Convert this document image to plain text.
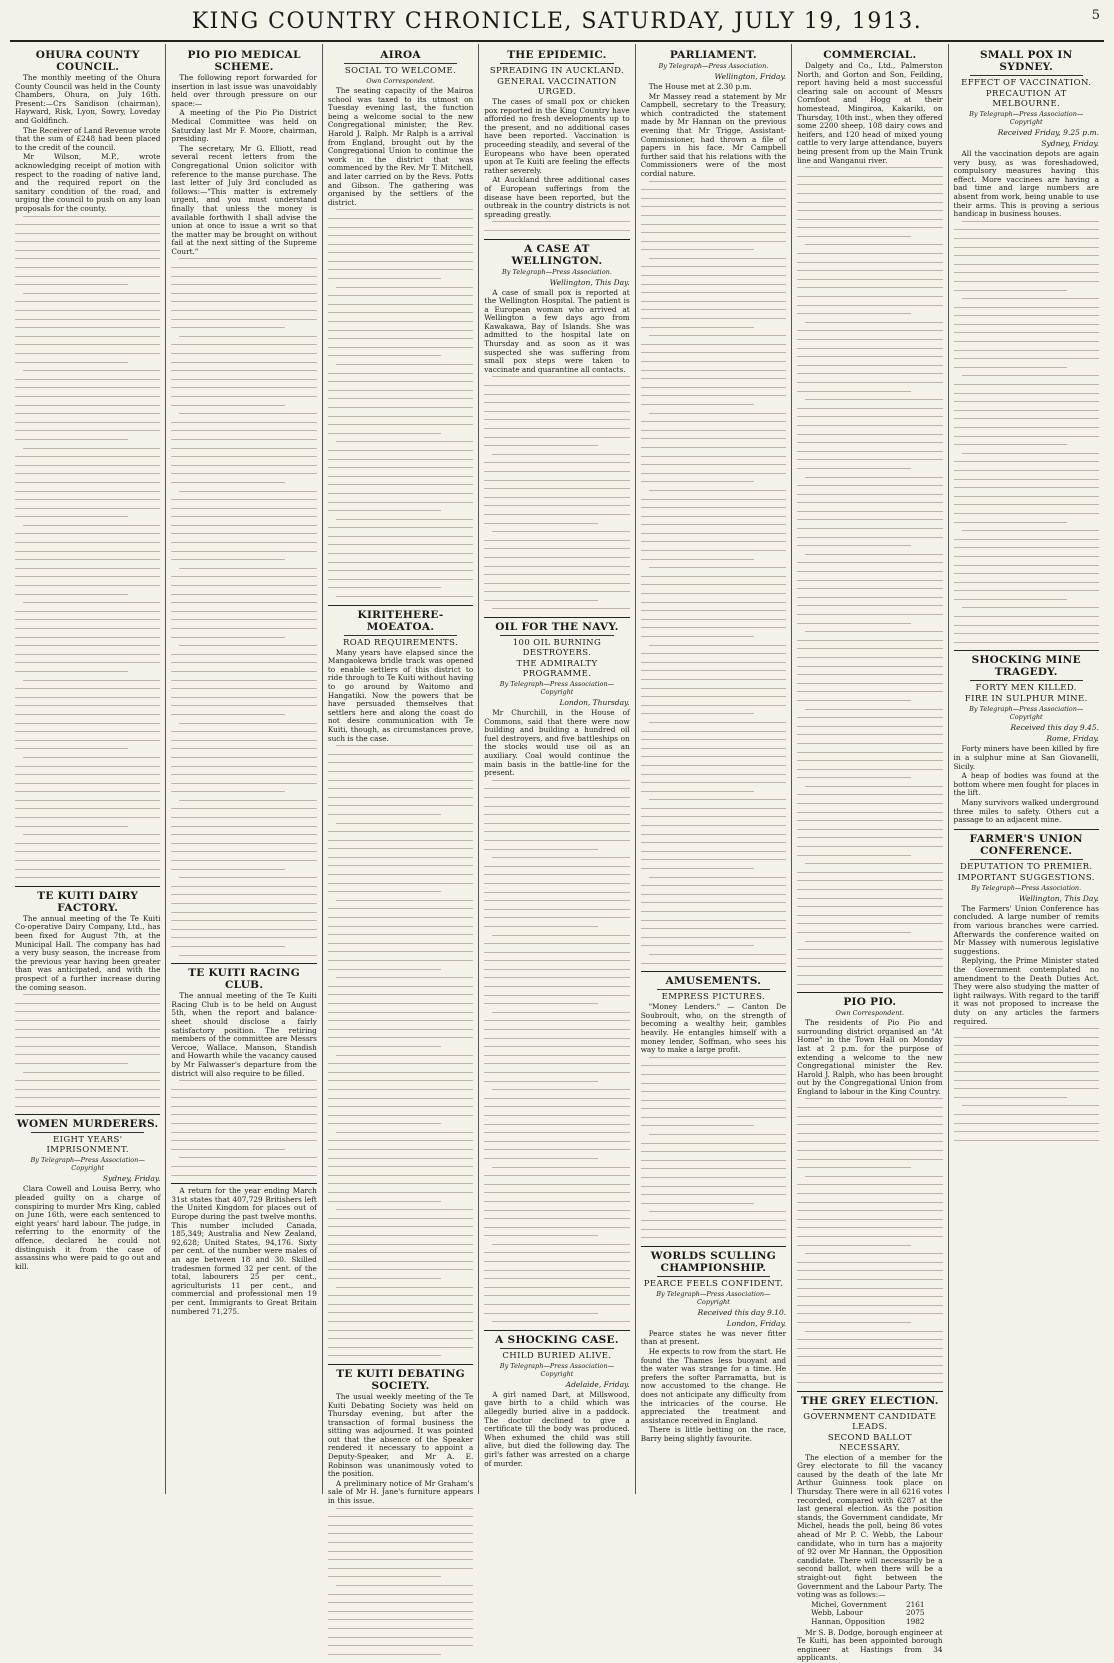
KING COUNTRY CHRONICLE, SATURDAY, JULY 19, 1913.	5
OHURA COUNTY COUNCIL.

The monthly meeting of the Ohura County Council was held in the County Chambers, Ohura, on July 16th. Present:—Crs Sandison (chairman), Hayward, Risk, Lyon, Sowry, Loveday and Goldfinch.

The Receiver of Land Revenue wrote that the sum of £248 had been placed to the credit of the council.

Mr Wilson, M.P., wrote acknowledging receipt of motion with respect to the roading of native land, and the required report on the sanitary condition of the road, and urging the council to push on any loan proposals for the county.

TE KUITI DAIRY FACTORY.

The annual meeting of the Te Kuiti Co-operative Dairy Company, Ltd., has been fixed for August 7th, at the Municipal Hall. The company has had a very busy season, the increase from the previous year having been greater than was anticipated, and with the prospect of a further increase during the coming season.

WOMEN MURDERERS.
EIGHT YEARS' IMPRISONMENT.
By Telegraph—Press Association—Copyright
Sydney, Friday.

Clara Cowell and Louisa Berry, who pleaded guilty on a charge of conspiring to murder Mrs King, cabled on June 16th, were each sentenced to eight years' hard labour. The judge, in referring to the enormity of the offence, declared he could not distinguish it from the case of assassins who were paid to go out and kill.

PIO PIO MEDICAL SCHEME.

The following report forwarded for insertion in last issue was unavoidably held over through pressure on our space:—

A meeting of the Pio Pio District Medical Committee was held on Saturday last Mr F. Moore, chairman, presiding.

The secretary, Mr G. Elliott, read several recent letters from the Congregational Union solicitor with reference to the manse purchase. The last letter of July 3rd concluded as follows:—"This matter is extremely urgent, and you must understand finally that unless the money is available forthwith I shall advise the union at once to issue a writ so that the matter may be brought on without fail at the next sitting of the Supreme Court."

TE KUITI RACING CLUB.

The annual meeting of the Te Kuiti Racing Club is to be held on August 5th, when the report and balance-sheet should disclose a fairly satisfactory position. The retiring members of the committee are Messrs Vercoe, Wallace, Manson, Standish and Howarth while the vacancy caused by Mr Falwasser's departure from the district will also require to be filled.

A return for the year ending March 31st states that 407,729 Britishers left the United Kingdom for places out of Europe during the past twelve months. This number included Canada, 185,349; Australia and New Zealand, 92,628; United States, 94,176. Sixty per cent. of the number were males of an age between 18 and 30. Skilled tradesmen formed 32 per cent. of the total, labourers 25 per cent., agriculturists 11 per cent., and commercial and professional men 19 per cent. Immigrants to Great Britain numbered 71,275.

AIROA
SOCIAL TO WELCOME.
Own Correspondent.

The seating capacity of the Mairoa school was taxed to its utmost on Tuesday evening last, the function being a welcome social to the new Congregational minister, the Rev. Harold J. Ralph. Mr Ralph is a arrival from England, brought out by the Congregational Union to continue the work in the district that was commenced by the Rev. Mr T. Mitchell, and later carried on by the Revs. Potts and Gibson. The gathering was organised by the settlers of the district.

KIRITEHERE-MOEATOA.
ROAD REQUIREMENTS.

Many years have elapsed since the Mangaokewa bridle track was opened to enable settlers of this district to ride through to Te Kuiti without having to go around by Waitomo and Hangatiki. Now the powers that be have persuaded themselves that settlers here and along the coast do not desire communication with Te Kuiti, though, as circumstances prove, such is the case.

TE KUITI DEBATING SOCIETY.

The usual weekly meeting of the Te Kuiti Debating Society was held on Thursday evening, but after the transaction of formal business the sitting was adjourned. It was pointed out that the absence of the Speaker rendered it necessary to appoint a Deputy-Speaker, and Mr A. E. Robinson was unanimously voted to the position.

A preliminary notice of Mr Graham's sale of Mr H. Jane's furniture appears in this issue.

THE EPIDEMIC.
SPREADING IN AUCKLAND.
GENERAL VACCINATION URGED.

The cases of small pox or chicken pox reported in the King Country have afforded no fresh developments up to the present, and no additional cases have been reported. Vaccination is proceeding steadily, and several of the Europeans who have been operated upon at Te Kuiti are feeling the effects rather severely.

At Auckland three additional cases of European sufferings from the disease have been reported, but the outbreak in the country districts is not spreading greatly.

A CASE AT WELLINGTON.
By Telegraph—Press Association.
Wellington, This Day.

A case of small pox is reported at the Wellington Hospital. The patient is a European woman who arrived at Wellington a few days ago from Kawakawa, Bay of Islands. She was admitted to the hospital late on Thursday and as soon as it was suspected she was suffering from small pox steps were taken to vaccinate and quarantine all contacts.

OIL FOR THE NAVY.
100 OIL BURNING DESTROYERS.
THE ADMIRALTY PROGRAMME.
By Telegraph—Press Association—Copyright
London, Thursday.

Mr Churchill, in the House of Commons, said that there were now building and building a hundred oil fuel destroyers, and five battleships on the stocks would use oil as an auxiliary. Coal would continue the main basis in the battle-line for the present.

A SHOCKING CASE.
CHILD BURIED ALIVE.
By Telegraph—Press Association—Copyright
Adelaide, Friday.

A girl named Dart, at Millswood, gave birth to a child which was allegedly buried alive in a paddock. The doctor declined to give a certificate till the body was produced. When exhumed the child was still alive, but died the following day. The girl's father was arrested on a charge of murder.

PARLIAMENT.
By Telegraph—Press Association.
Wellington, Friday.

The House met at 2.30 p.m.

Mr Massey read a statement by Mr Campbell, secretary to the Treasury, which contradicted the statement made by Mr Hannan on the previous evening that Mr Trigge, Assistant-Commissioner, had thrown a file of papers in his face. Mr Campbell further said that his relations with the Commissioners were of the most cordial nature.

AMUSEMENTS.
EMPRESS PICTURES.

"Money Lenders." — Canton De Soubroult, who, on the strength of becoming a wealthy heir, gambles heavily. He entangles himself with a money lender, Soffman, who sees his way to make a large profit.

WORLDS SCULLING CHAMPIONSHIP.
PEARCE FEELS CONFIDENT.
By Telegraph—Press Association—Copyright
Received this day 9.10.
London, Friday.

Pearce states he was never fitter than at present.

He expects to row from the start. He found the Thames less buoyant and the water was strange for a time. He prefers the softer Parramatta, but is now accustomed to the change. He does not anticipate any difficulty from the intricacies of the course. He appreciated the treatment and assistance received in England.

There is little betting on the race, Barry being slightly favourite.

COMMERCIAL.

Dalgety and Co., Ltd., Palmerston North, and Gorton and Son, Feilding, report having held a most successful clearing sale on account of Messrs Cornfoot and Hogg at their homestead, Mingiroa, Kakariki, on Thursday, 10th inst., when they offered some 2200 sheep, 108 dairy cows and heifers, and 120 head of mixed young cattle to very large attendance, buyers being present from up the Main Trunk line and Wanganui river.

PIO PIO.
Own Correspondent.

The residents of Pio Pio and surrounding district organised an "At Home" in the Town Hall on Monday last at 2 p.m. for the purpose of extending a welcome to the new Congregational minister the Rev. Harold J. Ralph, who has been brought out by the Congregational Union from England to labour in the King Country.

THE GREY ELECTION.
GOVERNMENT CANDIDATE LEADS.
SECOND BALLOT NECESSARY.

The election of a member for the Grey electorate to fill the vacancy caused by the death of the late Mr Arthur Guinness took place on Thursday. There were in all 6216 votes recorded, compared with 6287 at the last general election. As the position stands, the Government candidate, Mr Michel, heads the poll, being 86 votes ahead of Mr P. C. Webb, the Labour candidate, who in turn has a majority of 92 over Mr Hannan, the Opposition candidate. There will necessarily be a second ballot, when there will be a straight-out fight between the Government and the Labour Party. The voting was as follows:—

Michel, Government	2161
Webb, Labour	2075
Hannan, Opposition	1982

Mr S. B. Dodge, borough engineer at Te Kuiti, has been appointed borough engineer at Hastings from 34 applicants.

SMALL POX IN SYDNEY.
EFFECT OF VACCINATION.
PRECAUTION AT MELBOURNE.
By Telegraph—Press Association—Copyright
Received Friday, 9.25 p.m.
Sydney, Friday.

All the vaccination depots are again very busy, as was foreshadowed, compulsory measures having this effect. More vaccinees are having a bad time and large numbers are absent from work, being unable to use their arms. This is proving a serious handicap in business houses.

SHOCKING MINE TRAGEDY.
FORTY MEN KILLED.
FIRE IN SULPHUR MINE.
By Telegraph—Press Association—Copyright
Received this day 9.45.
Rome, Friday.

Forty miners have been killed by fire in a sulphur mine at San Giovanelli, Sicily.

A heap of bodies was found at the bottom where men fought for places in the lift.

Many survivors walked underground three miles to safety. Others cut a passage to an adjacent mine.

FARMER'S UNION CONFERENCE.
DEPUTATION TO PREMIER.
IMPORTANT SUGGESTIONS.
By Telegraph—Press Association.
Wellington, This Day.

The Farmers' Union Conference has concluded. A large number of remits from various branches were carried. Afterwards the conference waited on Mr Massey with numerous legislative suggestions.

Replying, the Prime Minister stated the Government contemplated no amendment to the Death Duties Act. They were also studying the matter of light railways. With regard to the tariff it was not proposed to increase the duty on any articles the farmers required.
